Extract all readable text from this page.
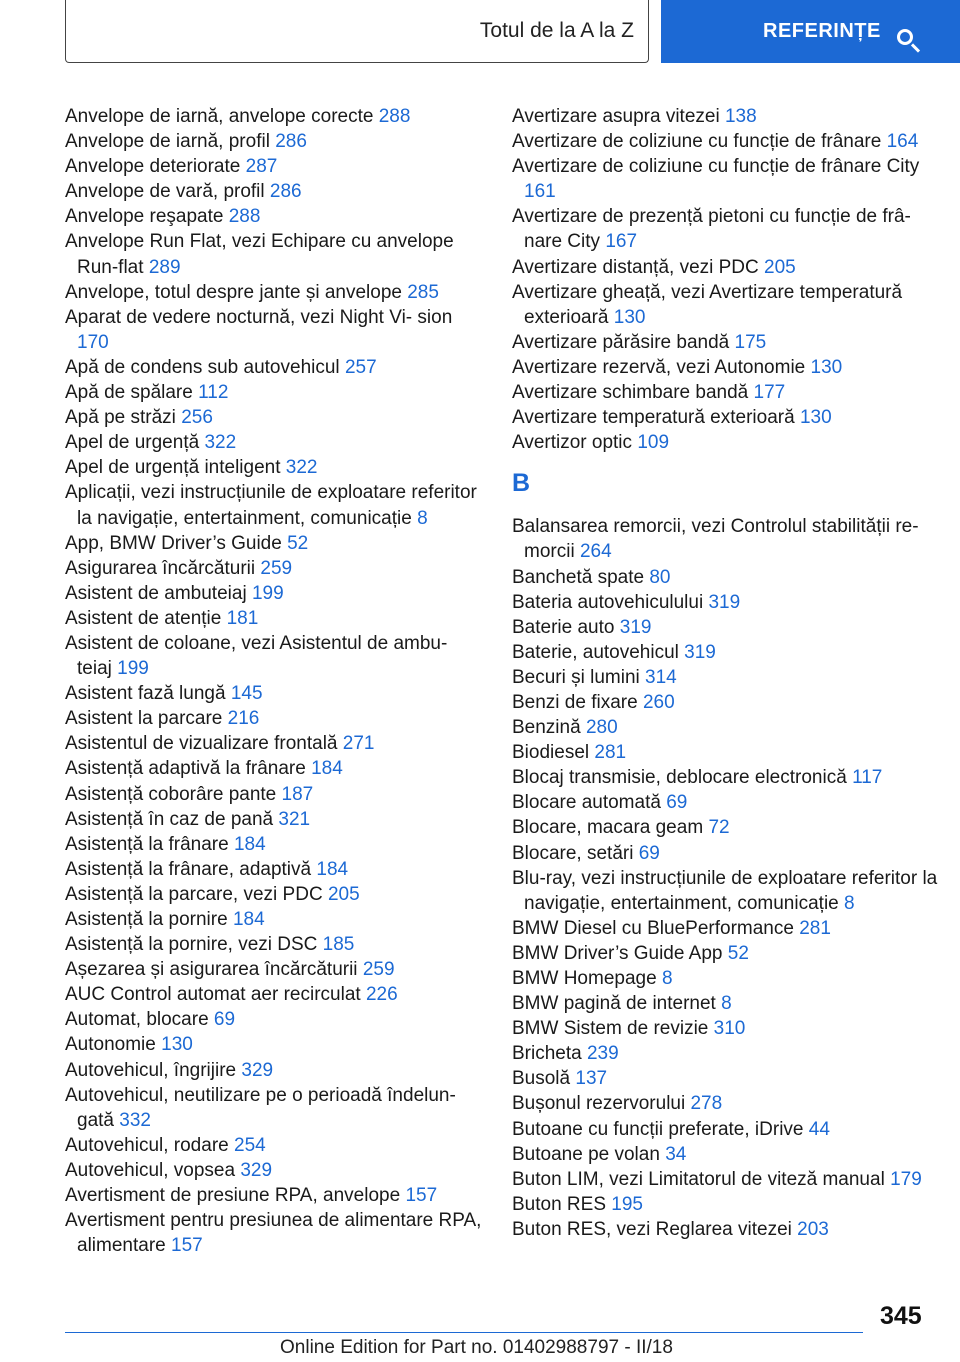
Totul de la A la Z	REFERINȚE
Anvelope de iarnă, anvelope corecte 288
Anvelope de iarnă, profil 286
Anvelope deteriorate 287
Anvelope de vară, profil 286
Anvelope reşapate 288
Anvelope Run Flat, vezi Echipare cu anvelope Run-flat 289
Anvelope, totul despre jante și anvelope 285
Aparat de vedere nocturnă, vezi Night Vi‐ sion 170
Apă de condens sub autovehicul 257
Apă de spălare 112
Apă pe străzi 256
Apel de urgență 322
Apel de urgență inteligent 322
Aplicații, vezi instrucțiunile de exploatare referitor la navigație, entertainment, comunicație 8
App, BMW Driver’s Guide 52
Asigurarea încărcăturii 259
Asistent de ambuteiaj 199
Asistent de atenție 181
Asistent de coloane, vezi Asistentul de ambu‐ teiaj 199
Asistent fază lungă 145
Asistent la parcare 216
Asistentul de vizualizare frontală 271
Asistență adaptivă la frânare 184
Asistență coborâre pante 187
Asistență în caz de pană 321
Asistență la frânare 184
Asistență la frânare, adaptivă 184
Asistență la parcare, vezi PDC 205
Asistență la pornire 184
Asistență la pornire, vezi DSC 185
Așezarea și asigurarea încărcăturii 259
AUC Control automat aer recirculat 226
Automat, blocare 69
Autonomie 130
Autovehicul, îngrijire 329
Autovehicul, neutilizare pe o perioadă îndelun‐ gată 332
Autovehicul, rodare 254
Autovehicul, vopsea 329
Avertisment de presiune RPA, anvelope 157
Avertisment pentru presiunea de alimentare RPA, alimentare 157
Avertizare asupra vitezei 138
Avertizare de coliziune cu funcție de frânare 164
Avertizare de coliziune cu funcție de frânare City 161
Avertizare de prezență pietoni cu funcție de frâ‐ nare City 167
Avertizare distanță, vezi PDC 205
Avertizare gheață, vezi Avertizare temperatură exterioară 130
Avertizare părăsire bandă 175
Avertizare rezervă, vezi Autonomie 130
Avertizare schimbare bandă 177
Avertizare temperatură exterioară 130
Avertizor optic 109
B
Balansarea remorcii, vezi Controlul stabilității re‐ morcii 264
Banchetă spate 80
Bateria autovehiculului 319
Baterie auto 319
Baterie, autovehicul 319
Becuri și lumini 314
Benzi de fixare 260
Benzină 280
Biodiesel 281
Blocaj transmisie, deblocare electronică 117
Blocare automată 69
Blocare, macara geam 72
Blocare, setări 69
Blu-ray, vezi instrucțiunile de exploatare referitor la navigație, entertainment, comunicație 8
BMW Diesel cu BluePerformance 281
BMW Driver’s Guide App 52
BMW Homepage 8
BMW pagină de internet 8
BMW Sistem de revizie 310
Bricheta 239
Busolă 137
Bușonul rezervorului 278
Butoane cu funcții preferate, iDrive 44
Butoane pe volan 34
Buton LIM, vezi Limitatorul de viteză manual 179
Buton RES 195
Buton RES, vezi Reglarea vitezei 203
345
Online Edition for Part no. 01402988797 - II/18
